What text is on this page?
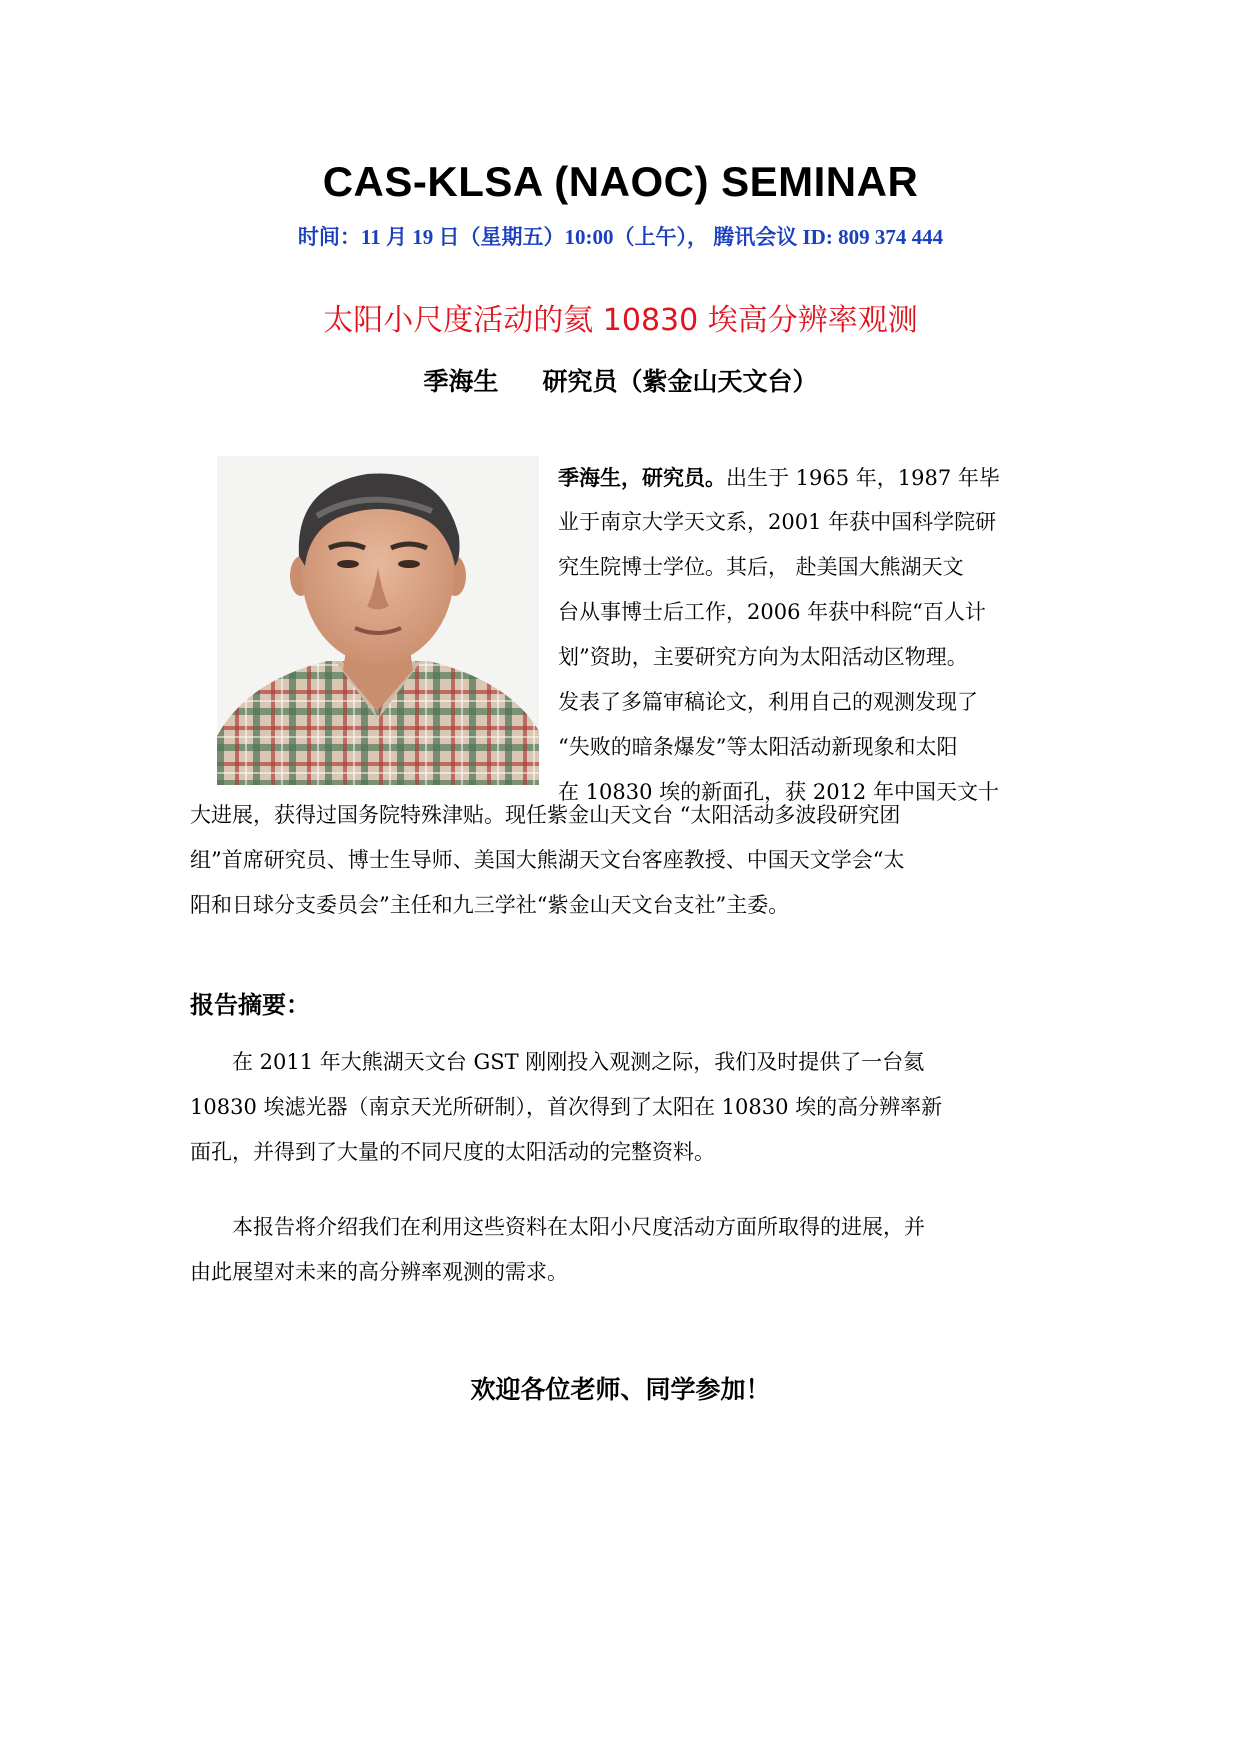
CAS-KLSA (NAOC) SEMINAR
时间：11 月 19 日（星期五）10:00（上午）， 腾讯会议 ID: 809 374 444
太阳小尺度活动的氦 10830 埃高分辨率观测
季海生 研究员（紫金山天文台）
季海生，研究员。出生于 1965 年，1987 年毕
业于南京大学天文系，2001 年获中国科学院研
究生院博士学位。其后， 赴美国大熊湖天文
台从事博士后工作，2006 年获中科院“百人计
划”资助，主要研究方向为太阳活动区物理。
发表了多篇审稿论文，利用自己的观测发现了
“失败的暗条爆发”等太阳活动新现象和太阳
在 10830 埃的新面孔，获 2012 年中国天文十
大进展，获得过国务院特殊津贴。现任紫金山天文台 “太阳活动多波段研究团
组”首席研究员、博士生导师、美国大熊湖天文台客座教授、中国天文学会“太
阳和日球分支委员会”主任和九三学社“紫金山天文台支社”主委。
报告摘要：
　　在 2011 年大熊湖天文台 GST 刚刚投入观测之际，我们及时提供了一台氦
10830 埃滤光器（南京天光所研制），首次得到了太阳在 10830 埃的高分辨率新
面孔，并得到了大量的不同尺度的太阳活动的完整资料。
　　本报告将介绍我们在利用这些资料在太阳小尺度活动方面所取得的进展，并
由此展望对未来的高分辨率观测的需求。
欢迎各位老师、同学参加！
